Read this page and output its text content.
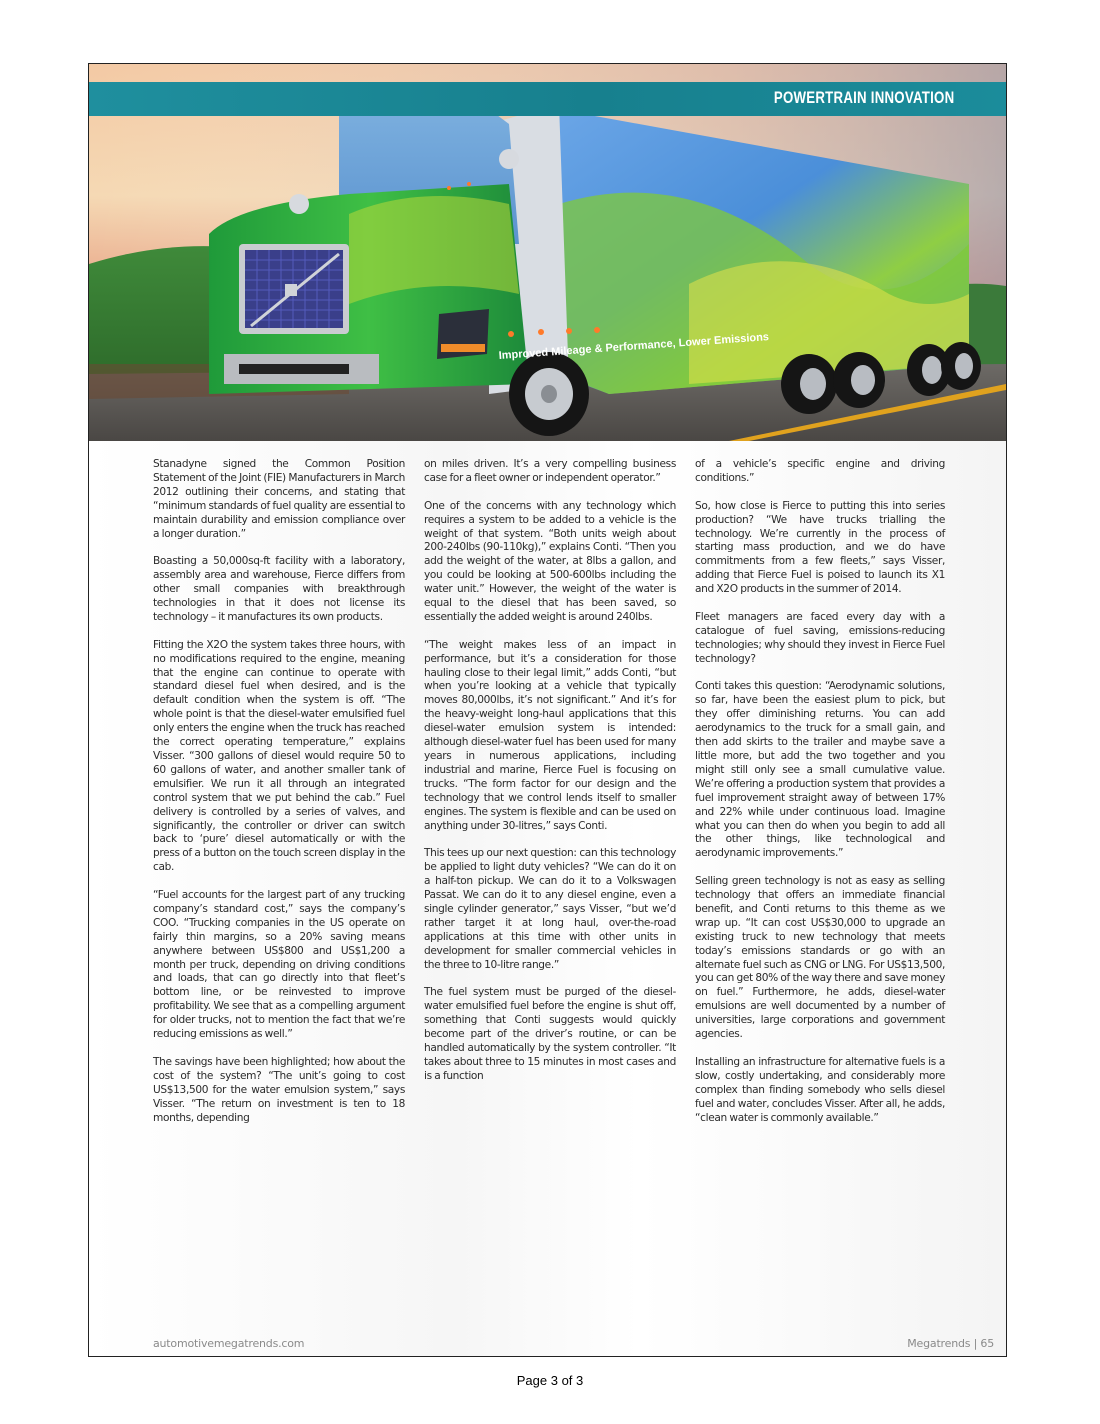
Improved Mileage & Performance, Lower Emissions
POWERTRAIN INNOVATION

Stanadyne signed the Common Position Statement of the Joint (FIE) Manufacturers in March 2012 outlining their concerns, and stating that “minimum standards of fuel quality are essential to maintain durability and emission compliance over a longer duration.”

Boasting a 50,000sq-ft facility with a laboratory, assembly area and warehouse, Fierce differs from other small companies with breakthrough technologies in that it does not license its technology – it manufactures its own products.

Fitting the X2O the system takes three hours, with no modifications required to the engine, meaning that the engine can continue to operate with standard diesel fuel when desired, and is the default condition when the system is off. “The whole point is that the diesel-water emulsified fuel only enters the engine when the truck has reached the correct operating temperature,” explains Visser. “300 gallons of diesel would require 50 to 60 gallons of water, and another smaller tank of emulsifier. We run it all through an integrated control system that we put behind the cab.” Fuel delivery is controlled by a series of valves, and significantly, the controller or driver can switch back to ‘pure’ diesel automatically or with the press of a button on the touch screen display in the cab.

“Fuel accounts for the largest part of any trucking company’s standard cost,” says the company’s COO. “Trucking companies in the US operate on fairly thin margins, so a 20% saving means anywhere between US$800 and US$1,200 a month per truck, depending on driving conditions and loads, that can go directly into that fleet’s bottom line, or be reinvested to improve profitability. We see that as a compelling argument for older trucks, not to mention the fact that we’re reducing emissions as well.”

The savings have been highlighted; how about the cost of the system? “The unit’s going to cost US$13,500 for the water emulsion system,” says Visser. “The return on investment is ten to 18 months, depending

on miles driven. It’s a very compelling business case for a fleet owner or independent operator.”

One of the concerns with any technology which requires a system to be added to a vehicle is the weight of that system. “Both units weigh about 200-240lbs (90-110kg),” explains Conti. “Then you add the weight of the water, at 8lbs a gallon, and you could be looking at 500-600lbs including the water unit.” However, the weight of the water is equal to the diesel that has been saved, so essentially the added weight is around 240lbs.

“The weight makes less of an impact in performance, but it’s a consideration for those hauling close to their legal limit,” adds Conti, “but when you’re looking at a vehicle that typically moves 80,000lbs, it’s not significant.” And it’s for the heavy-weight long-haul applications that this diesel-water emulsion system is intended: although diesel-water fuel has been used for many years in numerous applications, including industrial and marine, Fierce Fuel is focusing on trucks. “The form factor for our design and the technology that we control lends itself to smaller engines. The system is flexible and can be used on anything under 30-litres,” says Conti.

This tees up our next question: can this technology be applied to light duty vehicles? “We can do it on a half-ton pickup. We can do it to a Volkswagen Passat. We can do it to any diesel engine, even a single cylinder generator,” says Visser, “but we’d rather target it at long haul, over-the-road applications at this time with other units in development for smaller commercial vehicles in the three to 10-litre range.”

The fuel system must be purged of the diesel-water emulsified fuel before the engine is shut off, something that Conti suggests would quickly become part of the driver’s routine, or can be handled automatically by the system controller. “It takes about three to 15 minutes in most cases and is a function

of a vehicle’s specific engine and driving conditions.”

So, how close is Fierce to putting this into series production? “We have trucks trialling the technology. We’re currently in the process of starting mass production, and we do have commitments from a few fleets,” says Visser, adding that Fierce Fuel is poised to launch its X1 and X2O products in the summer of 2014.

Fleet managers are faced every day with a catalogue of fuel saving, emissions-reducing technologies; why should they invest in Fierce Fuel technology?

Conti takes this question: “Aerodynamic solutions, so far, have been the easiest plum to pick, but they offer diminishing returns. You can add aerodynamics to the truck for a small gain, and then add skirts to the trailer and maybe save a little more, but add the two together and you might still only see a small cumulative value. We’re offering a production system that provides a fuel improvement straight away of between 17% and 22% while under continuous load. Imagine what you can then do when you begin to add all the other things, like technological and aerodynamic improvements.”

Selling green technology is not as easy as selling technology that offers an immediate financial benefit, and Conti returns to this theme as we wrap up. “It can cost US$30,000 to upgrade an existing truck to new technology that meets today’s emissions standards or go with an alternate fuel such as CNG or LNG. For US$13,500, you can get 80% of the way there and save money on fuel.” Furthermore, he adds, diesel-water emulsions are well documented by a number of universities, large corporations and government agencies.

Installing an infrastructure for alternative fuels is a slow, costly undertaking, and considerably more complex than finding somebody who sells diesel fuel and water, concludes Visser. After all, he adds, “clean water is commonly available.”

automotivemegatrends.com	Megatrends | 65
Page 3 of 3
